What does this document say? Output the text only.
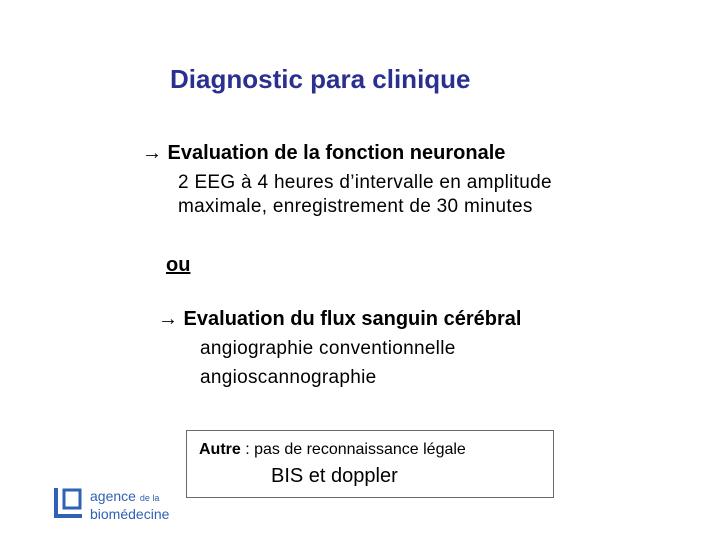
Diagnostic para clinique
→ Evaluation de la fonction neuronale
2 EEG à 4 heures d’intervalle en amplitude
maximale, enregistrement de 30 minutes
ou
→ Evaluation du flux sanguin cérébral
angiographie conventionnelle
angioscannographie
Autre : pas de reconnaissance légale
BIS et doppler
agence de la
biomédecine
